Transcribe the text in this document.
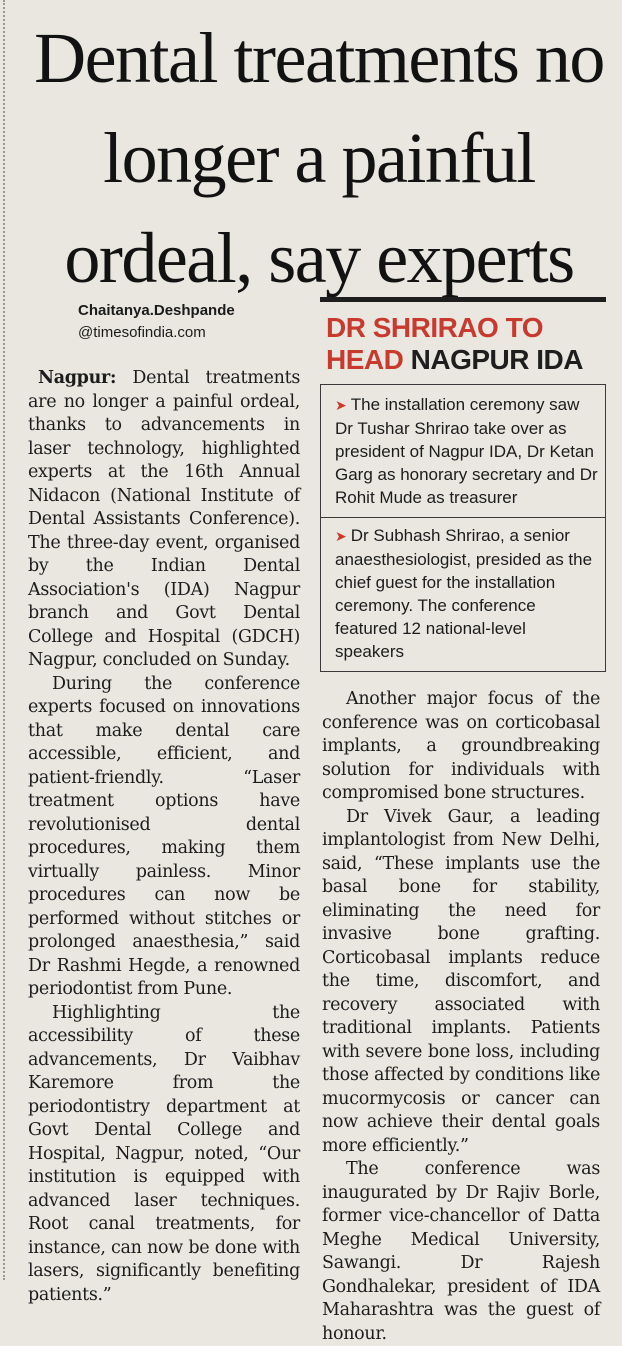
Dental treatments no longer a painful ordeal, say experts
Chaitanya.Deshpande
@timesofindia.com

Nagpur: Dental treatments are no longer a painful ordeal, thanks to advancements in laser technology, highlighted experts at the 16th Annual Nidacon (National Institute of Dental Assistants Conference). The three-day event, organised by the Indian Dental Association's (IDA) Nagpur branch and Govt Dental College and Hospital (GDCH) Nagpur, concluded on Sunday.

During the conference experts focused on innovations that make dental care accessible, efficient, and patient-friendly. “Laser treatment options have revolutionised dental procedures, making them virtually painless. Minor procedures can now be performed without stitches or prolonged anaesthesia,” said Dr Rashmi Hegde, a renowned periodontist from Pune.

Highlighting the accessibility of these advancements, Dr Vaibhav Karemore from the periodontistry department at Govt Dental College and Hospital, Nagpur, noted, “Our institution is equipped with advanced laser techniques. Root canal treatments, for instance, can now be done with lasers, significantly benefiting patients.”

DR SHRIRAO TO HEAD NAGPUR IDA

➤ The installation ceremony saw Dr Tushar Shrirao take over as president of Nagpur IDA, Dr Ketan Garg as honorary secretary and Dr Rohit Mude as treasurer

➤ Dr Subhash Shrirao, a senior anaesthesiologist, presided as the chief guest for the installation ceremony. The conference featured 12 national-level speakers

Another major focus of the conference was on corticobasal implants, a groundbreaking solution for individuals with compromised bone structures.

Dr Vivek Gaur, a leading implantologist from New Delhi, said, “These implants use the basal bone for stability, eliminating the need for invasive bone grafting. Corticobasal implants reduce the time, discomfort, and recovery associated with traditional implants. Patients with severe bone loss, including those affected by conditions like mucormycosis or cancer can now achieve their dental goals more efficiently.”

The conference was inaugurated by Dr Rajiv Borle, former vice-chancellor of Datta Meghe Medical University, Sawangi. Dr Rajesh Gondhalekar, president of IDA Maharashtra was the guest of honour.
